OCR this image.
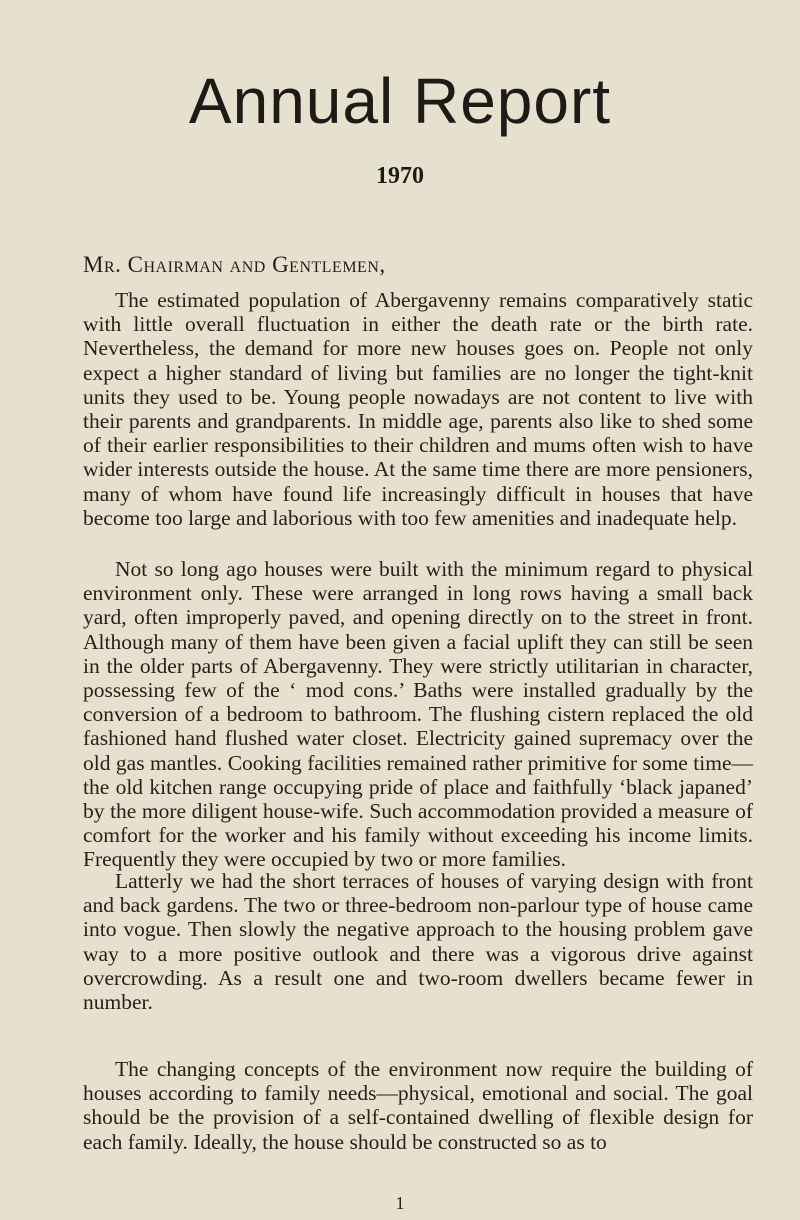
Annual Report
1970
Mr. Chairman and Gentlemen,

The estimated population of Abergavenny remains comparatively static with little overall fluctuation in either the death rate or the birth rate. Nevertheless, the demand for more new houses goes on. People not only expect a higher standard of living but families are no longer the tight-knit units they used to be. Young people nowadays are not content to live with their parents and grandparents. In middle age, parents also like to shed some of their earlier responsibilities to their children and mums often wish to have wider interests outside the house. At the same time there are more pensioners, many of whom have found life increasingly difficult in houses that have become too large and laborious with too few amenities and inadequate help.

Not so long ago houses were built with the minimum regard to physical environment only. These were arranged in long rows having a small back yard, often improperly paved, and opening directly on to the street in front. Although many of them have been given a facial uplift they can still be seen in the older parts of Abergavenny. They were strictly utilitarian in character, possessing few of the ‘ mod cons.’ Baths were installed gradually by the conversion of a bedroom to bathroom. The flushing cistern replaced the old fashioned hand flushed water closet. Electricity gained supremacy over the old gas mantles. Cooking facilities remained rather primitive for some time—the old kitchen range occupying pride of place and faithfully ‘black japaned’ by the more diligent house-wife. Such accommodation provided a measure of comfort for the worker and his family without exceeding his income limits. Frequently they were occupied by two or more families.

Latterly we had the short terraces of houses of varying design with front and back gardens. The two or three-bedroom non-parlour type of house came into vogue. Then slowly the negative approach to the housing problem gave way to a more positive outlook and there was a vigorous drive against overcrowding. As a result one and two-room dwellers became fewer in number.

The changing concepts of the environment now require the building of houses according to family needs—physical, emotional and social. The goal should be the provision of a self-contained dwelling of flexible design for each family. Ideally, the house should be constructed so as to

1
